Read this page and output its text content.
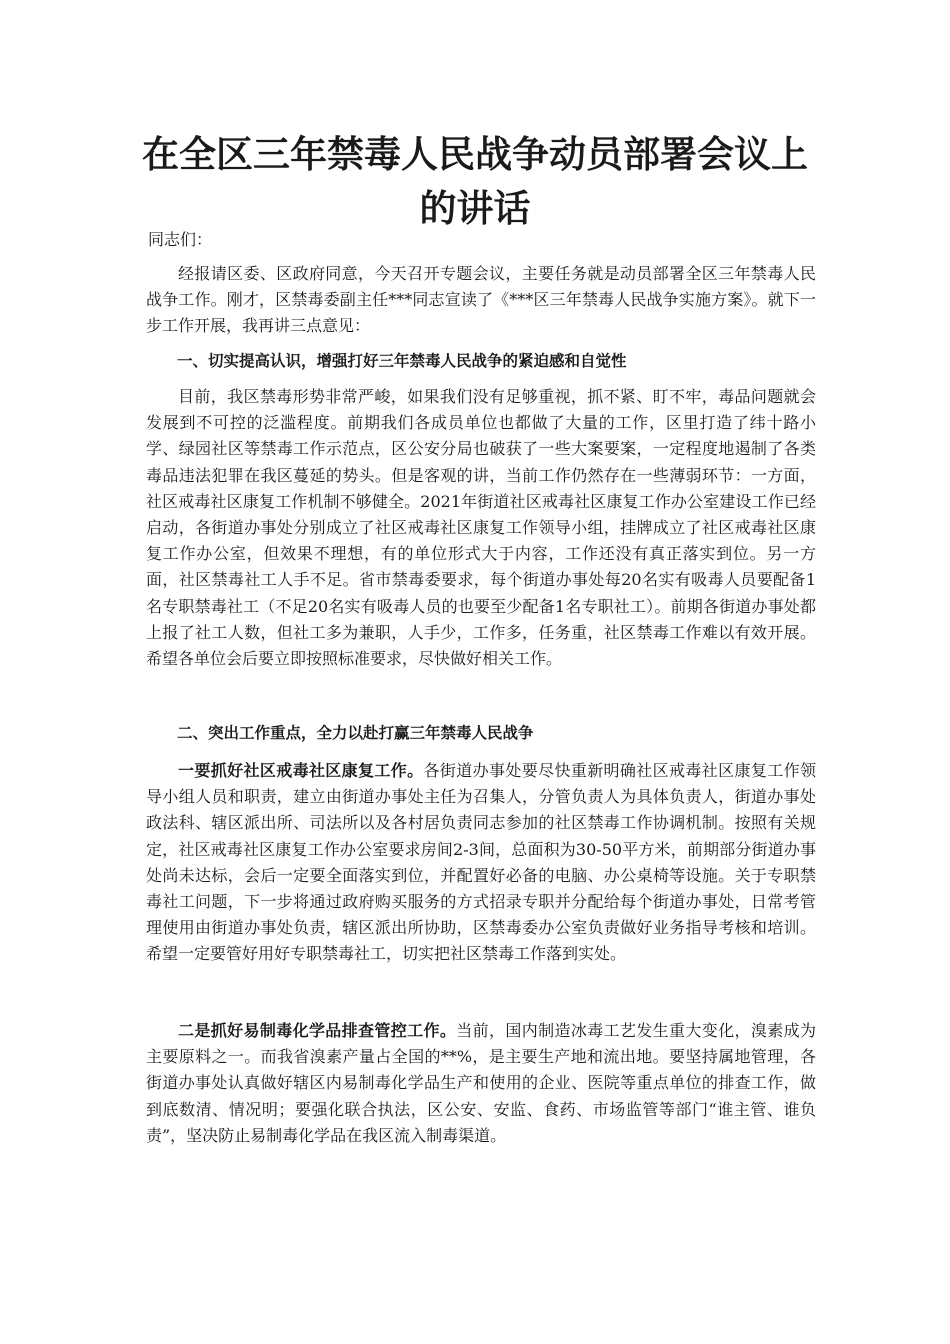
在全区三年禁毒人民战争动员部署会议上
的讲话

同志们：

经报请区委、区政府同意，今天召开专题会议，主要任务就是动员部署全区三年禁毒人民战争工作。刚才，区禁毒委副主任***同志宣读了《***区三年禁毒人民战争实施方案》。就下一步工作开展，我再讲三点意见：

一、切实提高认识，增强打好三年禁毒人民战争的紧迫感和自觉性

目前，我区禁毒形势非常严峻，如果我们没有足够重视，抓不紧、盯不牢，毒品问题就会发展到不可控的泛滥程度。前期我们各成员单位也都做了大量的工作，区里打造了纬十路小学、绿园社区等禁毒工作示范点，区公安分局也破获了一些大案要案，一定程度地遏制了各类毒品违法犯罪在我区蔓延的势头。但是客观的讲，当前工作仍然存在一些薄弱环节：一方面，社区戒毒社区康复工作机制不够健全。2021年街道社区戒毒社区康复工作办公室建设工作已经启动，各街道办事处分别成立了社区戒毒社区康复工作领导小组，挂牌成立了社区戒毒社区康复工作办公室，但效果不理想，有的单位形式大于内容，工作还没有真正落实到位。另一方面，社区禁毒社工人手不足。省市禁毒委要求，每个街道办事处每20名实有吸毒人员要配备1名专职禁毒社工（不足20名实有吸毒人员的也要至少配备1名专职社工）。前期各街道办事处都上报了社工人数，但社工多为兼职，人手少，工作多，任务重，社区禁毒工作难以有效开展。希望各单位会后要立即按照标准要求，尽快做好相关工作。

二、突出工作重点，全力以赴打赢三年禁毒人民战争

一要抓好社区戒毒社区康复工作。各街道办事处要尽快重新明确社区戒毒社区康复工作领导小组人员和职责，建立由街道办事处主任为召集人，分管负责人为具体负责人，街道办事处政法科、辖区派出所、司法所以及各村居负责同志参加的社区禁毒工作协调机制。按照有关规定，社区戒毒社区康复工作办公室要求房间2-3间，总面积为30-50平方米，前期部分街道办事处尚未达标，会后一定要全面落实到位，并配置好必备的电脑、办公桌椅等设施。关于专职禁毒社工问题，下一步将通过政府购买服务的方式招录专职并分配给每个街道办事处，日常考管理使用由街道办事处负责，辖区派出所协助，区禁毒委办公室负责做好业务指导考核和培训。希望一定要管好用好专职禁毒社工，切实把社区禁毒工作落到实处。

二是抓好易制毒化学品排查管控工作。当前，国内制造冰毒工艺发生重大变化，溴素成为主要原料之一。而我省溴素产量占全国的**%，是主要生产地和流出地。要坚持属地管理，各街道办事处认真做好辖区内易制毒化学品生产和使用的企业、医院等重点单位的排查工作，做到底数清、情况明；要强化联合执法，区公安、安监、食药、市场监管等部门“谁主管、谁负责”，坚决防止易制毒化学品在我区流入制毒渠道。
